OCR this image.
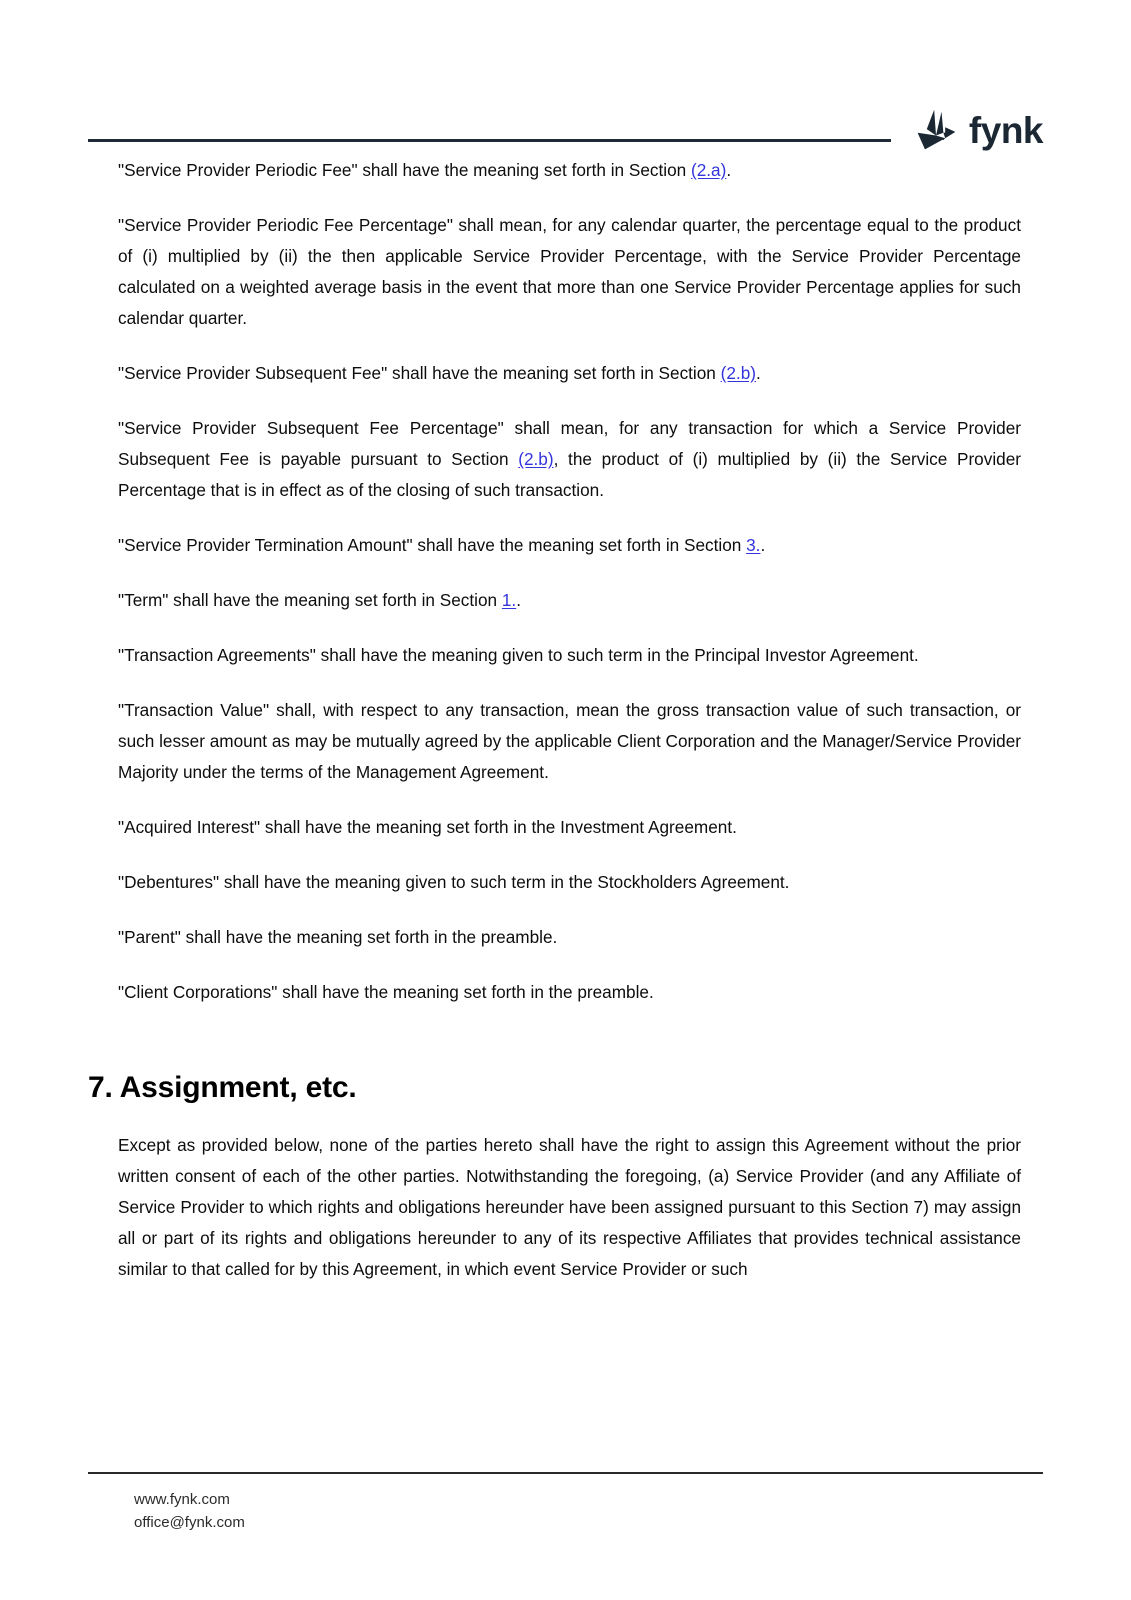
fynk

"Service Provider Periodic Fee" shall have the meaning set forth in Section (2.a).

"Service Provider Periodic Fee Percentage" shall mean, for any calendar quarter, the percentage equal to the product of (i) multiplied by (ii) the then applicable Service Provider Percentage, with the Service Provider Percentage calculated on a weighted average basis in the event that more than one Service Provider Percentage applies for such calendar quarter.

"Service Provider Subsequent Fee" shall have the meaning set forth in Section (2.b).

"Service Provider Subsequent Fee Percentage" shall mean, for any transaction for which a Service Provider Subsequent Fee is payable pursuant to Section (2.b), the product of (i) multiplied by (ii) the Service Provider Percentage that is in effect as of the closing of such transaction.

"Service Provider Termination Amount" shall have the meaning set forth in Section 3..

"Term" shall have the meaning set forth in Section 1..

"Transaction Agreements" shall have the meaning given to such term in the Principal Investor Agreement.

"Transaction Value" shall, with respect to any transaction, mean the gross transaction value of such transaction, or such lesser amount as may be mutually agreed by the applicable Client Corporation and the Manager/Service Provider Majority under the terms of the Management Agreement.

"Acquired Interest" shall have the meaning set forth in the Investment Agreement.

"Debentures" shall have the meaning given to such term in the Stockholders Agreement.

"Parent" shall have the meaning set forth in the preamble.

"Client Corporations" shall have the meaning set forth in the preamble.

7. Assignment, etc.

Except as provided below, none of the parties hereto shall have the right to assign this Agreement without the prior written consent of each of the other parties. Notwithstanding the foregoing, (a) Service Provider (and any Affiliate of Service Provider to which rights and obligations hereunder have been assigned pursuant to this Section 7) may assign all or part of its rights and obligations hereunder to any of its respective Affiliates that provides technical assistance similar to that called for by this Agreement, in which event Service Provider or such

www.fynk.com
office@fynk.com
